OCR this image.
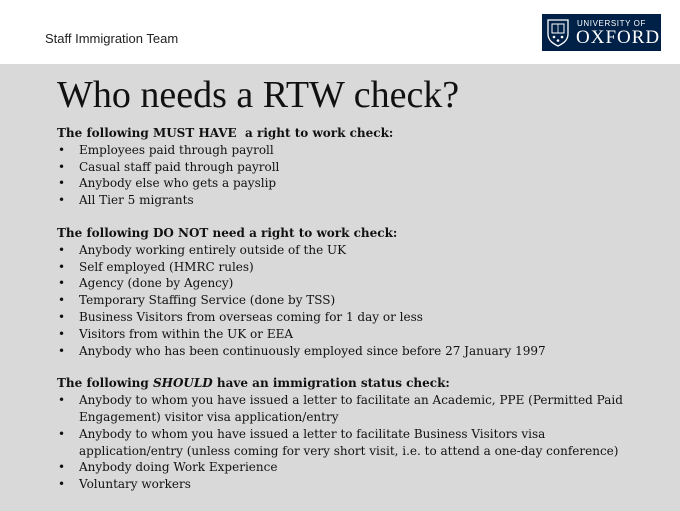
Staff Immigration Team
UNIVERSITY OF
OXFORD
Who needs a RTW check?
The following MUST HAVE  a right to work check:
• Employees paid through payroll
• Casual staff paid through payroll
• Anybody else who gets a payslip
• All Tier 5 migrants
The following DO NOT need a right to work check:
• Anybody working entirely outside of the UK
• Self employed (HMRC rules)
• Agency (done by Agency)
• Temporary Staffing Service (done by TSS)
• Business Visitors from overseas coming for 1 day or less
• Visitors from within the UK or EEA
• Anybody who has been continuously employed since before 27 January 1997
The following SHOULD have an immigration status check:
• Anybody to whom you have issued a letter to facilitate an Academic, PPE (Permitted Paid Engagement) visitor visa application/entry
• Anybody to whom you have issued a letter to facilitate Business Visitors visa application/entry (unless coming for very short visit, i.e. to attend a one-day conference)
• Anybody doing Work Experience
• Voluntary workers
